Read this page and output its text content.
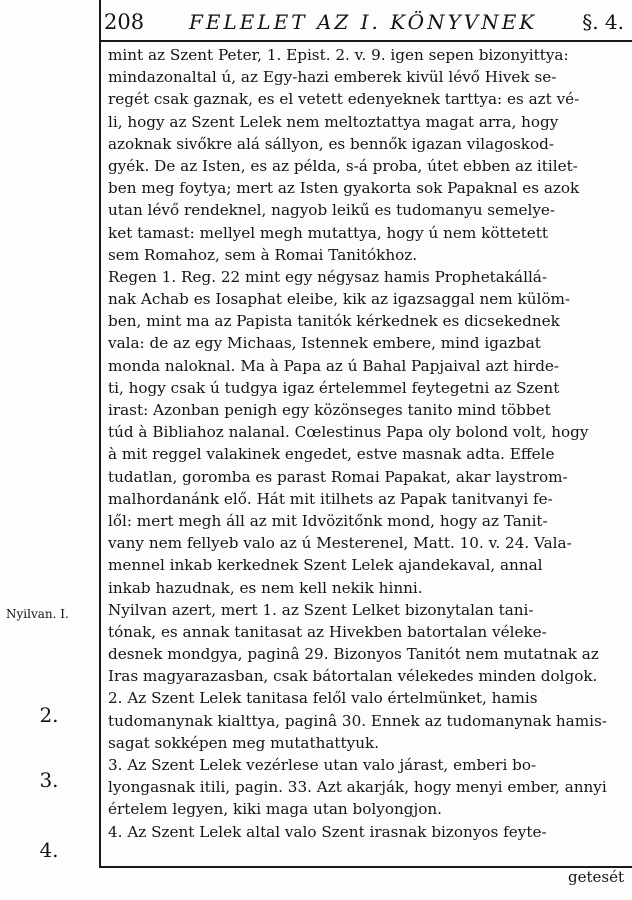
208 FELELET AZ I. KÖNYVNEK §. 4.
Nyilvan. I.
2.
3.
4.
mint az Szent Peter, 1. Epist. 2. v. 9. igen sepen bizonyittya:
mindazonaltal ú, az Egy-hazi emberek kivül lévő Hivek se-
regét csak gaznak, es el vetett edenyeknek tarttya: es azt vé-
li, hogy az Szent Lelek nem meltoztattya magat arra, hogy
azoknak sivőkre alá sállyon, es bennők igazan vilagoskod-
gyék. De az Isten, es az példa, s-á proba, útet ebben az itilet-
ben meg foytya; mert az Isten gyakorta sok Papaknal es azok
utan lévő rendeknel, nagyob leikű es tudomanyu semelye-
ket tamast: mellyel megh mutattya, hogy ú nem köttetett
sem Romahoz, sem à Romai Tanitókhoz.
Regen 1. Reg. 22 mint egy négysaz hamis Prophetakállá-
nak Achab es Iosaphat eleibe, kik az igazsaggal nem külöm-
ben, mint ma az Papista tanitók kérkednek es dicsekednek
vala: de az egy Michaas, Istennek embere, mind igazbat
monda naloknal. Ma à Papa az ú Bahal Papjaival azt hirde-
ti, hogy csak ú tudgya igaz értelemmel feytegetni az Szent
irast: Azonban penigh egy közönseges tanito mind többet
túd à Bibliahoz nalanal. Cœlestinus Papa oly bolond volt, hogy
à mit reggel valakinek engedet, estve masnak adta. Effele
tudatlan, goromba es parast Romai Papakat, akar laystrom-
malhordanánk elő. Hát mit itilhets az Papak tanitvanyi fe-
lől: mert megh áll az mit Idvözitőnk mond, hogy az Tanit-
vany nem fellyeb valo az ú Mesterenel, Matt. 10. v. 24. Vala-
mennel inkab kerkednek Szent Lelek ajandekaval, annal
inkab hazudnak, es nem kell nekik hinni.
Nyilvan azert, mert 1. az Szent Lelket bizonytalan tani-
tónak, es annak tanitasat az Hivekben batortalan véleke-
desnek mondgya, paginâ 29. Bizonyos Tanitót nem mutatnak az
Iras magyarazasban, csak bátortalan vélekedes minden dolgok.
2. Az Szent Lelek tanitasa felől valo értelmünket, hamis
tudomanynak kialttya, paginâ 30. Ennek az tudomanynak hamis-
sagat sokképen meg mutathattyuk.
3. Az Szent Lelek vezérlese utan valo járast, emberi bo-
lyongasnak itili, pagin. 33. Azt akarják, hogy menyi ember, annyi
értelem legyen, kiki maga utan bolyongjon.
4. Az Szent Lelek altal valo Szent irasnak bizonyos feyte-
getesét
